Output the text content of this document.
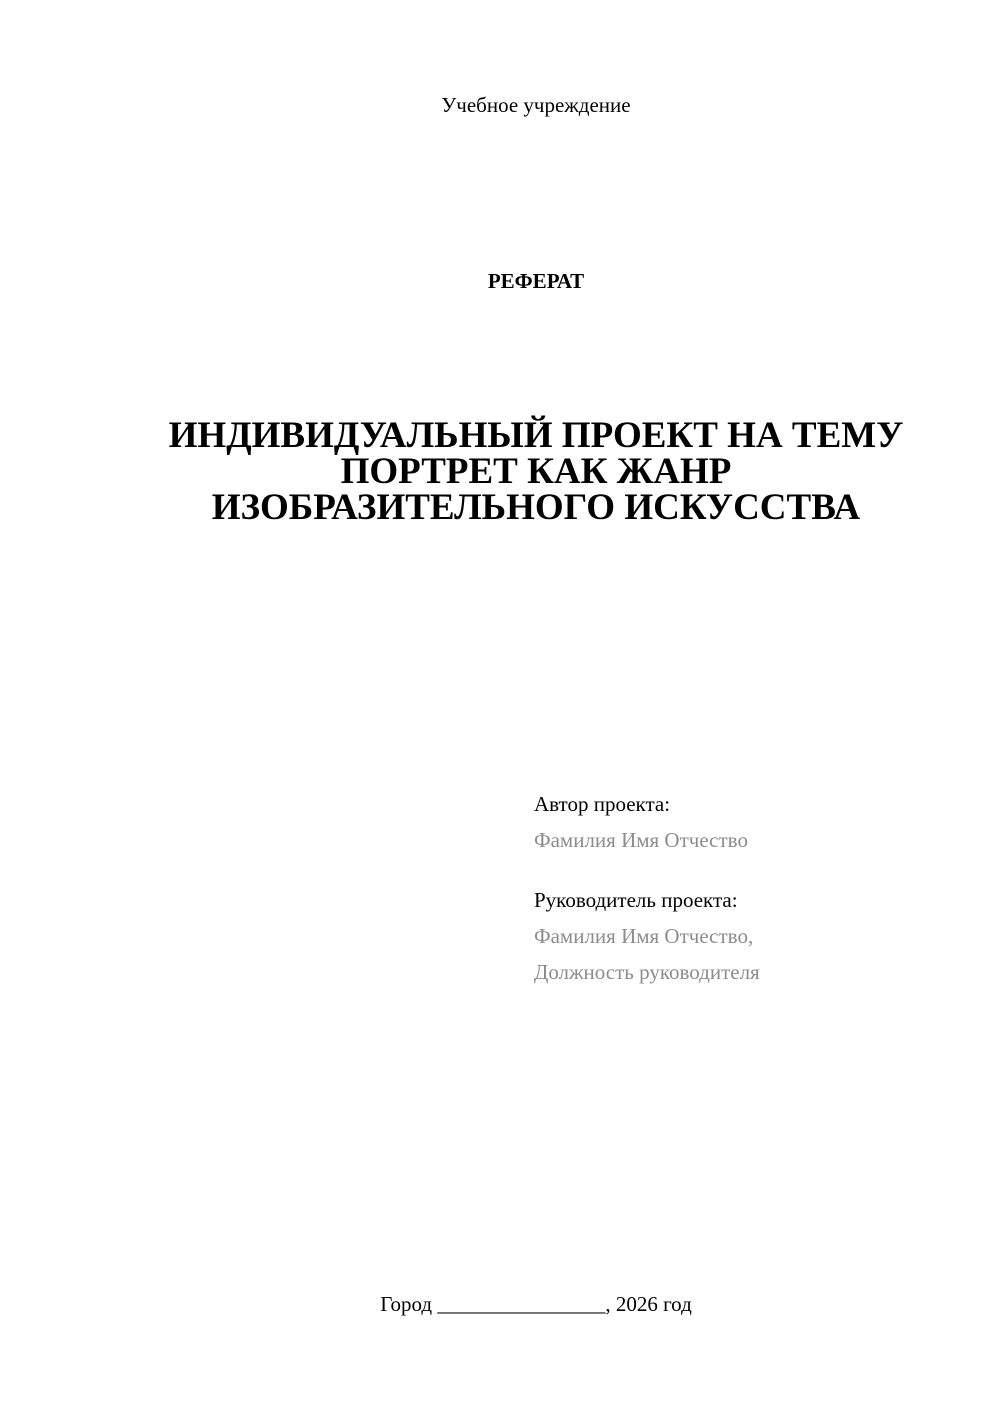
Учебное учреждение
РЕФЕРАТ
ИНДИВИДУАЛЬНЫЙ ПРОЕКТ НА ТЕМУ
ПОРТРЕТ КАК ЖАНР
ИЗОБРАЗИТЕЛЬНОГО ИСКУССТВА
Автор проекта:
Фамилия Имя Отчество
Руководитель проекта:
Фамилия Имя Отчество,
Должность руководителя
Город ________________, 2026 год
